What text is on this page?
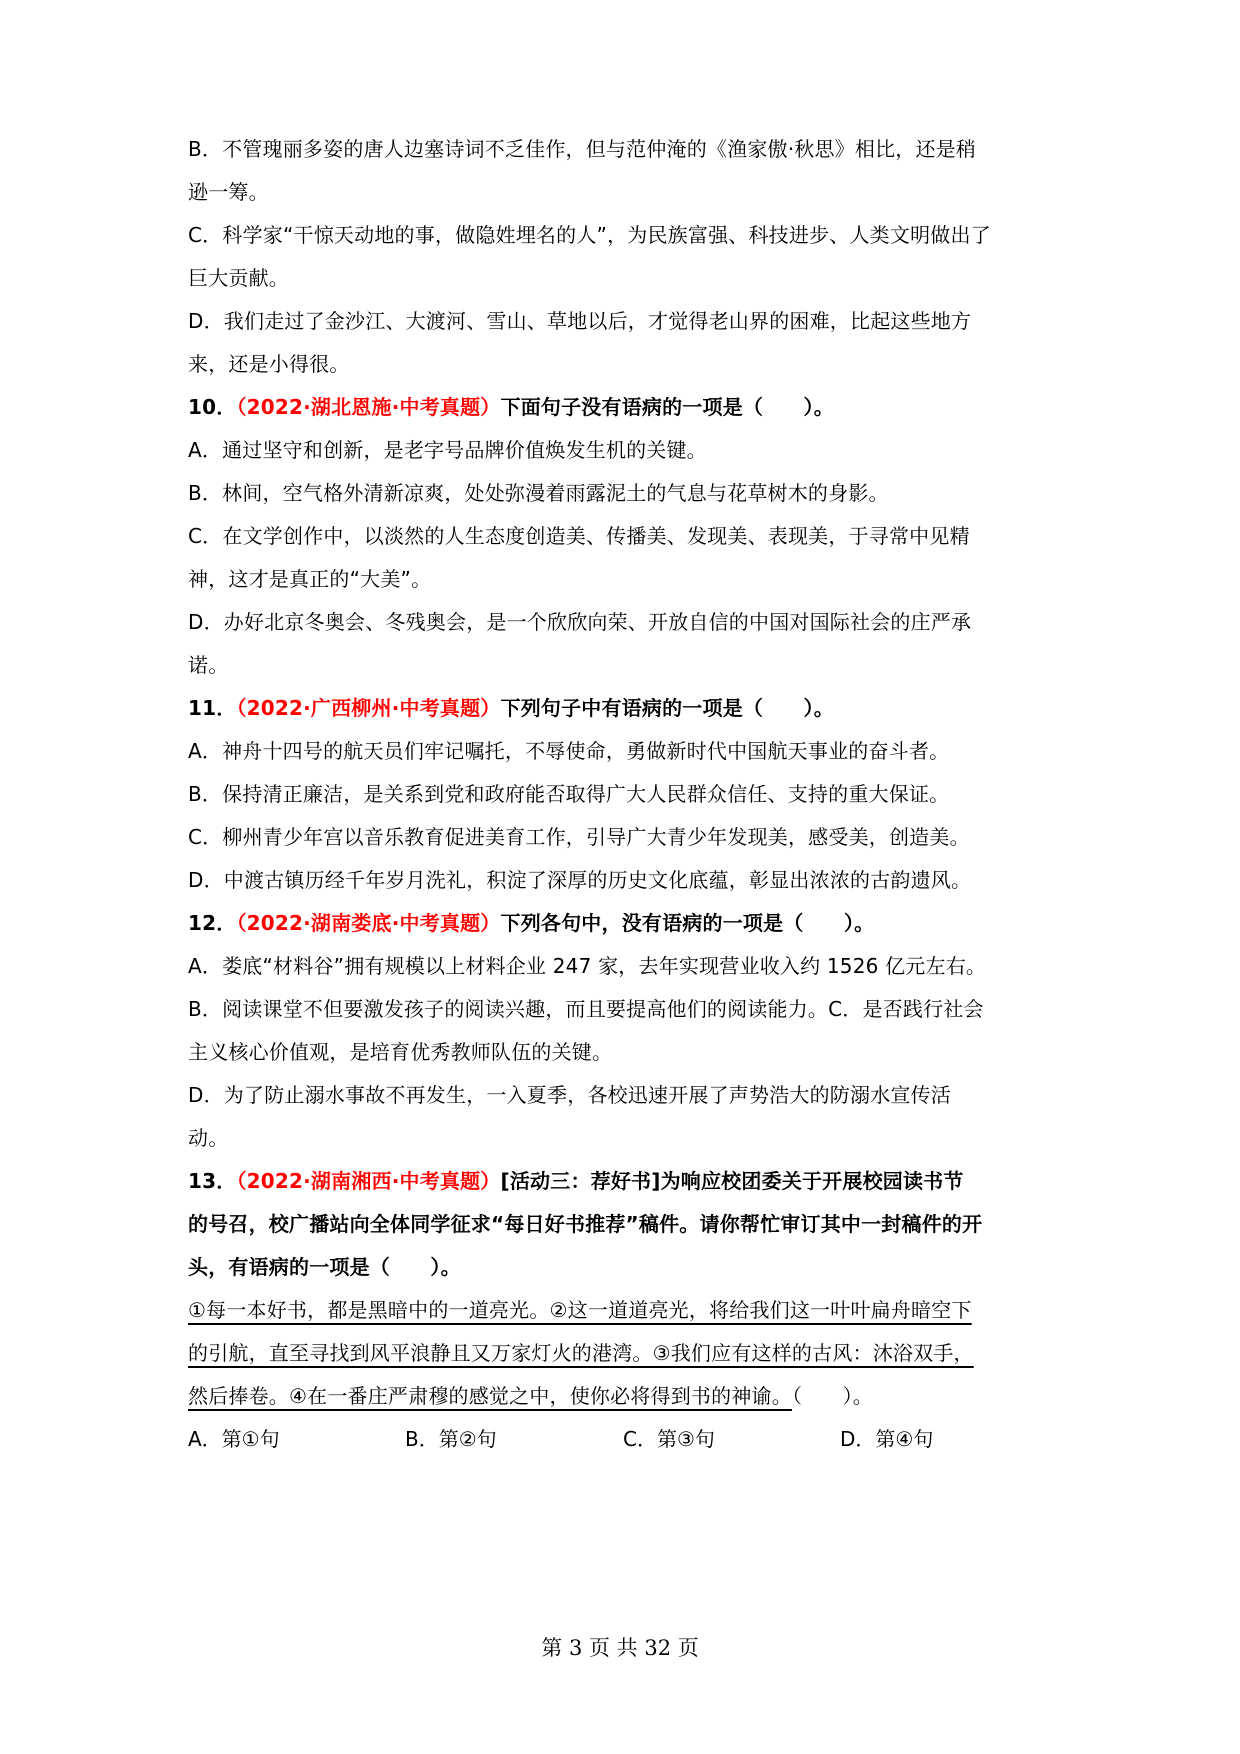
B．不管瑰丽多姿的唐人边塞诗词不乏佳作，但与范仲淹的《渔家傲·秋思》相比，还是稍
逊一筹。
C．科学家“干惊天动地的事，做隐姓埋名的人”，为民族富强、科技进步、人类文明做出了
巨大贡献。
D．我们走过了金沙江、大渡河、雪山、草地以后，才觉得老山界的困难，比起这些地方
来，还是小得很。
10．（2022·湖北恩施·中考真题）下面句子没有语病的一项是（　　）。
A．通过坚守和创新，是老字号品牌价值焕发生机的关键。
B．林间，空气格外清新凉爽，处处弥漫着雨露泥土的气息与花草树木的身影。
C．在文学创作中，以淡然的人生态度创造美、传播美、发现美、表现美，于寻常中见精
神，这才是真正的“大美”。
D．办好北京冬奥会、冬残奥会，是一个欣欣向荣、开放自信的中国对国际社会的庄严承
诺。
11．（2022·广西柳州·中考真题）下列句子中有语病的一项是（　　）。
A．神舟十四号的航天员们牢记嘱托，不辱使命，勇做新时代中国航天事业的奋斗者。
B．保持清正廉洁，是关系到党和政府能否取得广大人民群众信任、支持的重大保证。
C．柳州青少年宫以音乐教育促进美育工作，引导广大青少年发现美，感受美，创造美。
D．中渡古镇历经千年岁月洗礼，积淀了深厚的历史文化底蕴，彰显出浓浓的古韵遗风。
12．（2022·湖南娄底·中考真题）下列各句中，没有语病的一项是（　　）。
A．娄底“材料谷”拥有规模以上材料企业 247 家，去年实现营业收入约 1526 亿元左右。
B．阅读课堂不但要激发孩子的阅读兴趣，而且要提高他们的阅读能力。C．是否践行社会
主义核心价值观，是培育优秀教师队伍的关键。
D．为了防止溺水事故不再发生，一入夏季，各校迅速开展了声势浩大的防溺水宣传活
动。
13．（2022·湖南湘西·中考真题）[活动三：荐好书]为响应校团委关于开展校园读书节
的号召，校广播站向全体同学征求“每日好书推荐”稿件。请你帮忙审订其中一封稿件的开
头，有语病的一项是（　　）。
①每一本好书，都是黑暗中的一道亮光。②这一道道亮光，将给我们这一叶叶扁舟暗空下
的引航，直至寻找到风平浪静且又万家灯火的港湾。③我们应有这样的古风：沐浴双手，
然后捧卷。④在一番庄严肃穆的感觉之中，使你必将得到书的神谕。（　　）。
A．第①句	B．第②句	C．第③句	D．第④句
第 3 页 共 32 页
